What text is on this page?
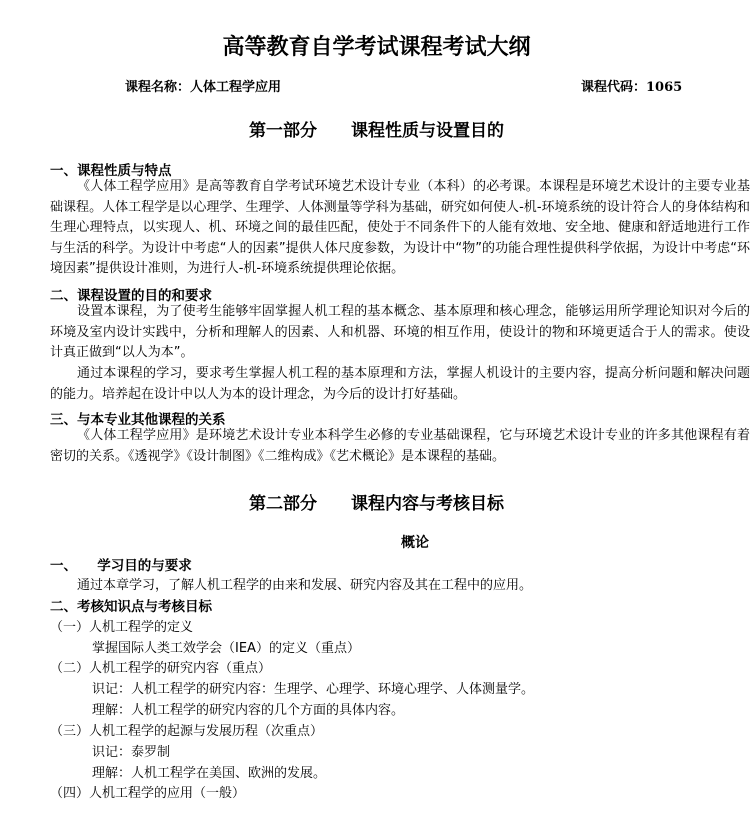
高等教育自学考试课程考试大纲
课程名称：人体工程学应用	课程代码：1065
第一部分　　课程性质与设置目的
一、课程性质与特点
《人体工程学应用》是高等教育自学考试环境艺术设计专业（本科）的必考课。本课程是环境艺术设计的主要专业基础课程。人体工程学是以心理学、生理学、人体测量等学科为基础，研究如何使人-机-环境系统的设计符合人的身体结构和生理心理特点，以实现人、机、环境之间的最佳匹配，使处于不同条件下的人能有效地、安全地、健康和舒适地进行工作与生活的科学。为设计中考虑“人的因素”提供人体尺度参数，为设计中“物”的功能合理性提供科学依据，为设计中考虑“环境因素”提供设计准则，为进行人-机-环境系统提供理论依据。
二、课程设置的目的和要求
设置本课程，为了使考生能够牢固掌握人机工程的基本概念、基本原理和核心理念，能够运用所学理论知识对今后的环境及室内设计实践中，分析和理解人的因素、人和机器、环境的相互作用，使设计的物和环境更适合于人的需求。使设计真正做到“以人为本”。
通过本课程的学习，要求考生掌握人机工程的基本原理和方法，掌握人机设计的主要内容，提高分析问题和解决问题的能力。培养起在设计中以人为本的设计理念，为今后的设计打好基础。
三、与本专业其他课程的关系
《人体工程学应用》是环境艺术设计专业本科学生必修的专业基础课程，它与环境艺术设计专业的许多其他课程有着密切的关系。《透视学》《设计制图》《二维构成》《艺术概论》是本课程的基础。
第二部分　　课程内容与考核目标
概论
一、　　学习目的与要求
通过本章学习，了解人机工程学的由来和发展、研究内容及其在工程中的应用。
二、考核知识点与考核目标
（一）人机工程学的定义
掌握国际人类工效学会（IEA）的定义（重点）
（二）人机工程学的研究内容（重点）
识记：人机工程学的研究内容：生理学、心理学、环境心理学、人体测量学。
理解：人机工程学的研究内容的几个方面的具体内容。
（三）人机工程学的起源与发展历程（次重点）
识记：泰罗制
理解：人机工程学在美国、欧洲的发展。
（四）人机工程学的应用（一般）
